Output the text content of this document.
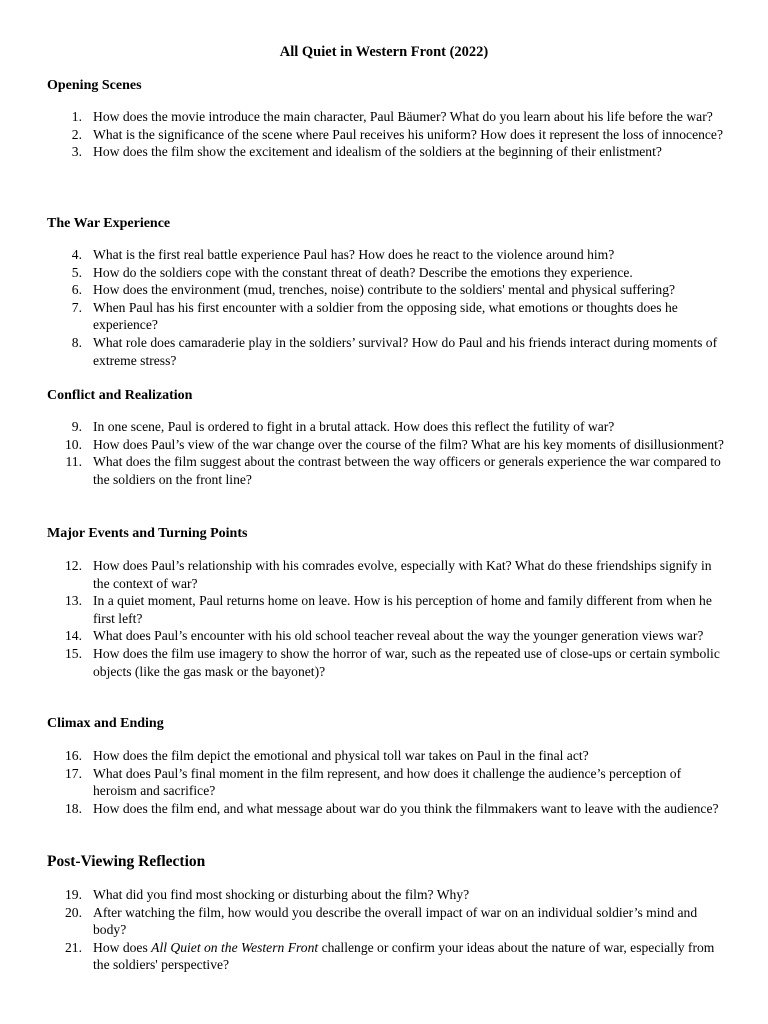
All Quiet in Western Front (2022)
Opening Scenes
1. How does the movie introduce the main character, Paul Bäumer? What do you learn about his life before the war?
2. What is the significance of the scene where Paul receives his uniform? How does it represent the loss of innocence?
3. How does the film show the excitement and idealism of the soldiers at the beginning of their enlistment?
The War Experience
4. What is the first real battle experience Paul has? How does he react to the violence around him?
5. How do the soldiers cope with the constant threat of death? Describe the emotions they experience.
6. How does the environment (mud, trenches, noise) contribute to the soldiers' mental and physical suffering?
7. When Paul has his first encounter with a soldier from the opposing side, what emotions or thoughts does he experience?
8. What role does camaraderie play in the soldiers’ survival? How do Paul and his friends interact during moments of extreme stress?
Conflict and Realization
9. In one scene, Paul is ordered to fight in a brutal attack. How does this reflect the futility of war?
10. How does Paul’s view of the war change over the course of the film? What are his key moments of disillusionment?
11. What does the film suggest about the contrast between the way officers or generals experience the war compared to the soldiers on the front line?
Major Events and Turning Points
12. How does Paul’s relationship with his comrades evolve, especially with Kat? What do these friendships signify in the context of war?
13. In a quiet moment, Paul returns home on leave. How is his perception of home and family different from when he first left?
14. What does Paul’s encounter with his old school teacher reveal about the way the younger generation views war?
15. How does the film use imagery to show the horror of war, such as the repeated use of close-ups or certain symbolic objects (like the gas mask or the bayonet)?
Climax and Ending
16. How does the film depict the emotional and physical toll war takes on Paul in the final act?
17. What does Paul’s final moment in the film represent, and how does it challenge the audience’s perception of heroism and sacrifice?
18. How does the film end, and what message about war do you think the filmmakers want to leave with the audience?
Post-Viewing Reflection
19. What did you find most shocking or disturbing about the film? Why?
20. After watching the film, how would you describe the overall impact of war on an individual soldier’s mind and body?
21. How does All Quiet on the Western Front challenge or confirm your ideas about the nature of war, especially from the soldiers' perspective?
